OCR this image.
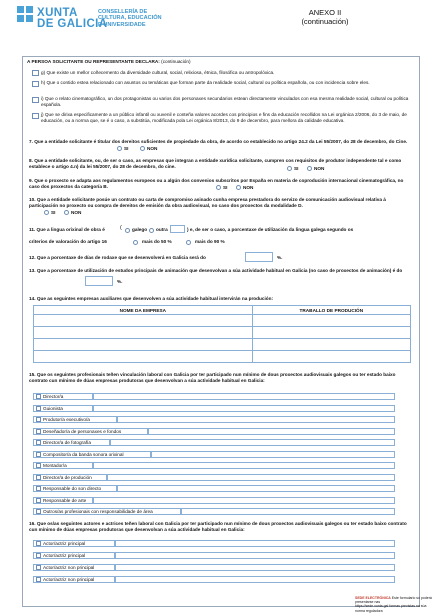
XUNTA
DE GALICIA
CONSELLERÍA DE
CULTURA, EDUCACIÓN
E UNIVERSIDADE
ANEXO II
(continuación)
A PERSOA SOLICITANTE OU REPRESENTANTE DECLARA: (continuación)
g) Que existe un mellor coñecemento da diversidade cultural, social, relixiosa, étnica, filosófica ou antropolóxica.
h) Que o contido estea relacionado con asuntos ou temáticas que forman parte da realidade social, cultural ou política española, ou con incidencia sobre eles.
i) Que o relato cinematográfico, un dos protagonistas ou varios dos personaxes secundarios estean directamente vinculados con esa mesma realidade social, cultural ou política española.
j) Que se dirixa especificamente a un público infantil ou xuvenil e conteña valores acordes cos principios e fins da educación recollidos na Lei orgánica 2/2006, do 3 de maio, de educación, ou a norma que, se é o caso, a substitúa, modificada pola Lei orgánica 8/2013, do 9 de decembro, para mellora da calidade educativa.
7. Que a entidade solicitante é titular dos dereitos suficientes de propiedade da obra, de acordo co establecido no artigo 24.2 da Lei 55/2007, do 28 de decembro, do Cine.
SI	NON
8. Que a entidade solicitante, ou, de ser o caso, as empresas que integran a entidade xurídica solicitante, cumpren cos requisitos de produtor independente tal e como establece o artigo 4.n) da lei 55/2007, do 28 de decembro, do cine.	SI	NON
9. Que o proxecto se adapta aos regulamentos europeos ou a algún dos convenios subscritos por España en materia de coprodución internacional cinematográfica, no caso dos proxectos da categoría B.	SI	NON
10. Que a entidade solicitante posúe un contrato ou carta de compromiso asinado cunha empresa prestadora do servizo de comunicación audiovisual relativa á participación no proxecto ou compra de dereitos de emisión da obra audiovisual, no caso dos proxectos da modalidade D.
SI	NON
11. Que a lingua orixinal de obra é	( galego outra	) e, de ser o caso, a porcentaxe de utilización da lingua galega segundo os
criterios de valoración do artigo 16	mais do 50 %	mais do 90 %
12. Que a porcentaxe de días de rodaxe que se desenvolverá en Galicia será do	%.
13. Que a porcentaxe de utilización de estudos principais de animación que desenvolvan a súa actividade habitual en Galicia (no caso de proxectos de animación) é do
%.
14. Que as seguintes empresas auxiliares que desenvolven a súa actividade habitual intervirán na produción:
NOME DA EMPRESA	TRABALLO DE PRODUCIÓN

15. Que os seguintes profesionais teñen vinculación laboral con Galicia por ter participado nun mínimo de dous proxectos audiovisuais galegos ou ter estado baixo contrato cun mínimo de dúas empresas produtoras que desenvolvan a súa actividade habitual en Galicia:
Director/a
Guionista
Produtor/a executivo/a
Deseñador/a de personaxes e fondos
Director/a de fotografía
Compositor/a da banda sonora orixinal
Montador/a
Director/a de produción
Responsable do son directo
Responsable de arte
Outros/as profesionais con responsabilidade de área
16. Que os/as seguintes actores e actrices teñen laboral con Galicia por ter participado nun mínimo de dous proxectos audiovisuais galegos ou ter estado baixo contrato cun mínimo de dúas empresas produtoras que desenvolvan a súa actividade habitual en Galicia:
Actor/actriz principal
Actor/actriz principal
Actor/actriz non principal
Actor/actriz non principal
SEDE ELECTRÓNICA Este formulario só poderá presentarse nas
https://sede.xunta.gal formas previstas na súa norma reguladora
